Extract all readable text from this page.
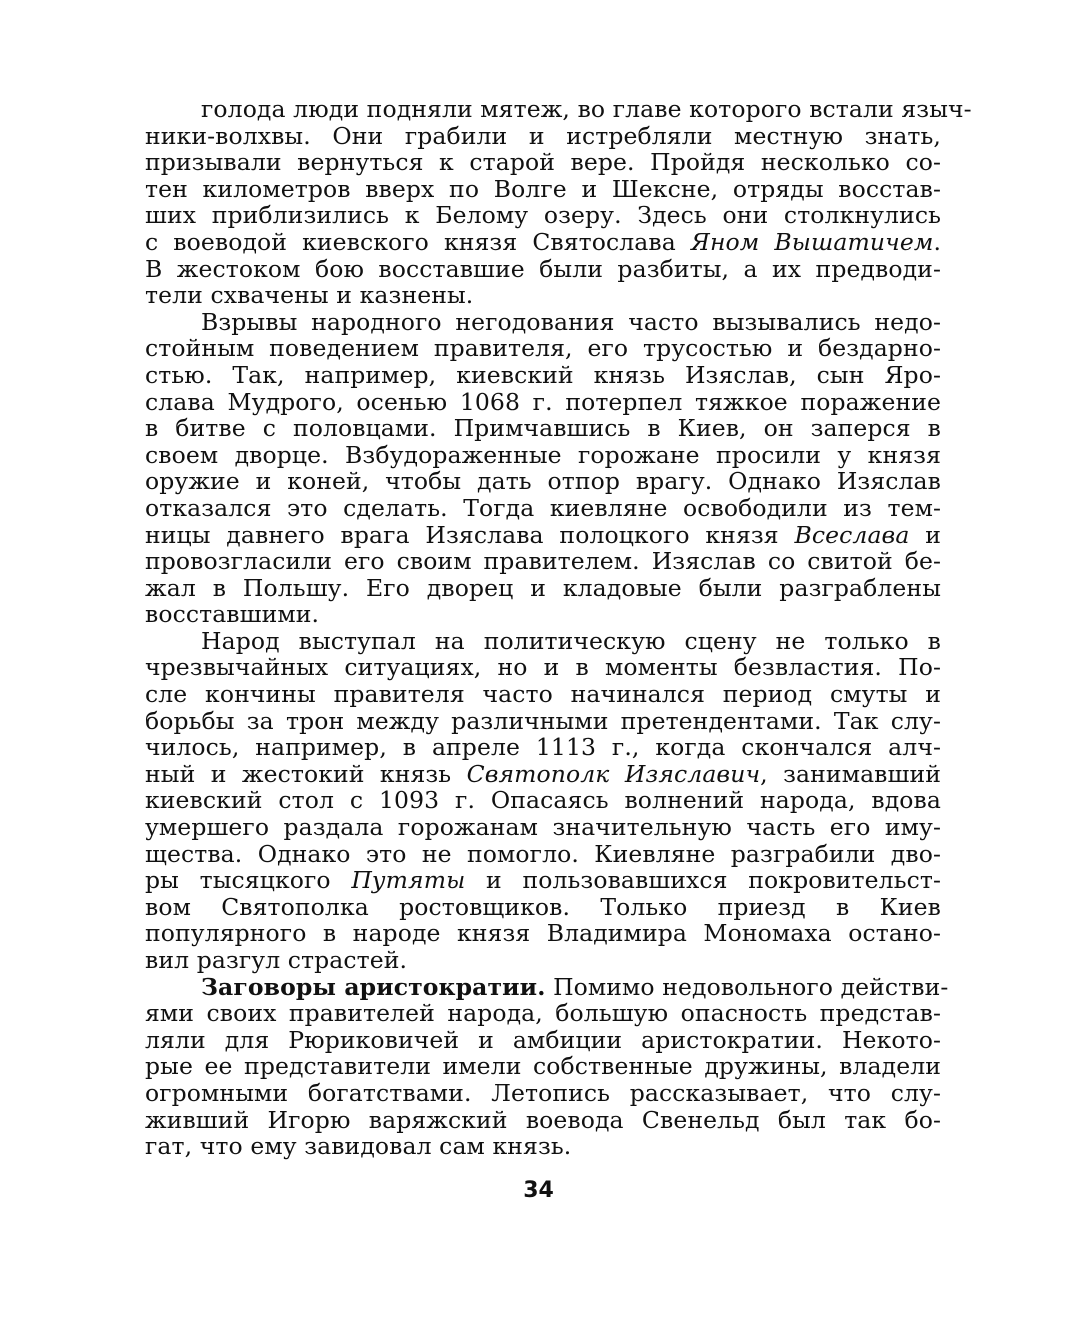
голода люди подняли мятеж, во главе которого встали языч-
ники-волхвы. Они грабили и истребляли местную знать,
призывали вернуться к старой вере. Пройдя несколько со-
тен километров вверх по Волге и Шексне, отряды восстав-
ших приблизились к Белому озеру. Здесь они столкнулись
с воеводой киевского князя Святослава Яном Вышатичем.
В жестоком бою восставшие были разбиты, а их предводи-
тели схвачены и казнены.
Взрывы народного негодования часто вызывались недо-
стойным поведением правителя, его трусостью и бездарно-
стью. Так, например, киевский князь Изяслав, сын Яро-
слава Мудрого, осенью 1068 г. потерпел тяжкое поражение
в битве с половцами. Примчавшись в Киев, он заперся в
своем дворце. Взбудораженные горожане просили у князя
оружие и коней, чтобы дать отпор врагу. Однако Изяслав
отказался это сделать. Тогда киевляне освободили из тем-
ницы давнего врага Изяслава полоцкого князя Всеслава и
провозгласили его своим правителем. Изяслав со свитой бе-
жал в Польшу. Его дворец и кладовые были разграблены
восставшими.
Народ выступал на политическую сцену не только в
чрезвычайных ситуациях, но и в моменты безвластия. По-
сле кончины правителя часто начинался период смуты и
борьбы за трон между различными претендентами. Так слу-
чилось, например, в апреле 1113 г., когда скончался алч-
ный и жестокий князь Святополк Изяславич, занимавший
киевский стол с 1093 г. Опасаясь волнений народа, вдова
умершего раздала горожанам значительную часть его иму-
щества. Однако это не помогло. Киевляне разграбили дво-
ры тысяцкого Путяты и пользовавшихся покровительст-
вом Святополка ростовщиков. Только приезд в Киев
популярного в народе князя Владимира Мономаха остано-
вил разгул страстей.
Заговоры аристократии. Помимо недовольного действи-
ями своих правителей народа, большую опасность представ-
ляли для Рюриковичей и амбиции аристократии. Некото-
рые ее представители имели собственные дружины, владели
огромными богатствами. Летопись рассказывает, что слу-
живший Игорю варяжский воевода Свенельд был так бо-
гат, что ему завидовал сам князь.
34
